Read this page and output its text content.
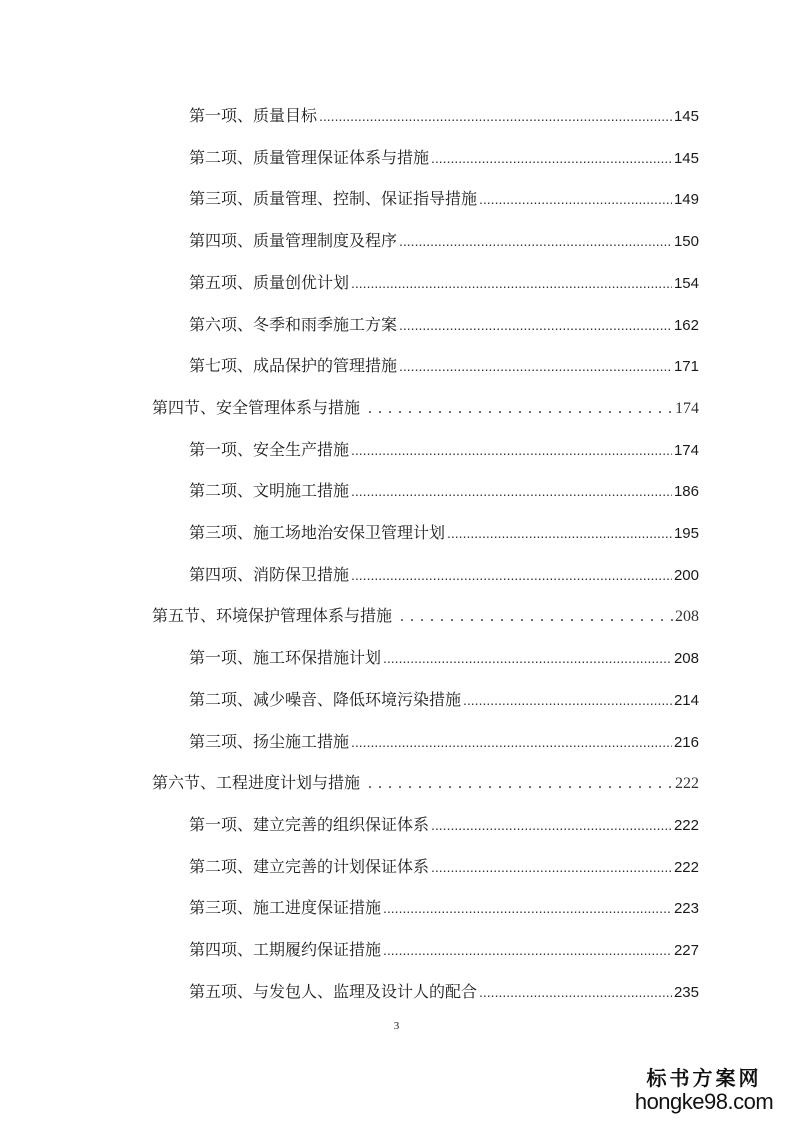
第一项、质量目标 .....	145
第二项、质量管理保证体系与措施 .....	145
第三项、质量管理、控制、保证指导措施 .....	149
第四项、质量管理制度及程序 .....	150
第五项、质量创优计划 .....	154
第六项、冬季和雨季施工方案 .....	162
第七项、成品保护的管理措施 .....	171
第四节、安全管理体系与措施 . . .	174
第一项、安全生产措施 .....	174
第二项、文明施工措施 .....	186
第三项、施工场地治安保卫管理计划 .....	195
第四项、消防保卫措施 .....	200
第五节、环境保护管理体系与措施 . . .	208
第一项、施工环保措施计划 .....	208
第二项、减少噪音、降低环境污染措施 .....	214
第三项、扬尘施工措施 .....	216
第六节、工程进度计划与措施 . . .	222
第一项、建立完善的组织保证体系 .....	222
第二项、建立完善的计划保证体系 .....	222
第三项、施工进度保证措施 .....	223
第四项、工期履约保证措施 .....	227
第五项、与发包人、监理及设计人的配合 .....	235
3
标书方案网
hongke98.com
